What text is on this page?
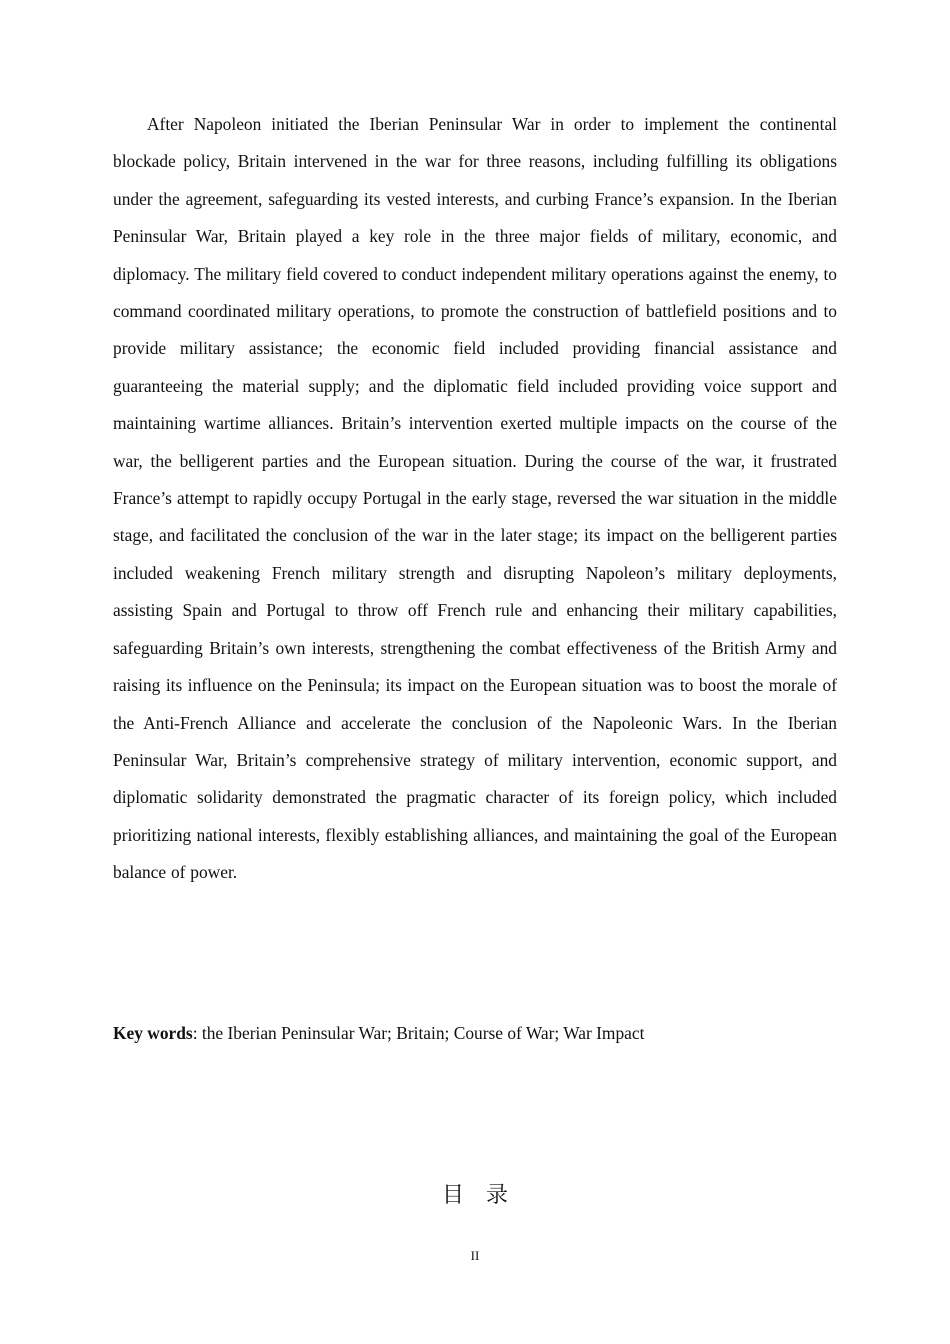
After Napoleon initiated the Iberian Peninsular War in order to implement the continental blockade policy, Britain intervened in the war for three reasons, including fulfilling its obligations under the agreement, safeguarding its vested interests, and curbing France’s expansion. In the Iberian Peninsular War, Britain played a key role in the three major fields of military, economic, and diplomacy. The military field covered to conduct independent military operations against the enemy, to command coordinated military operations, to promote the construction of battlefield positions and to provide military assistance; the economic field included providing financial assistance and guaranteeing the material supply; and the diplomatic field included providing voice support and maintaining wartime alliances. Britain’s intervention exerted multiple impacts on the course of the war, the belligerent parties and the European situation. During the course of the war, it frustrated France’s attempt to rapidly occupy Portugal in the early stage, reversed the war situation in the middle stage, and facilitated the conclusion of the war in the later stage; its impact on the belligerent parties included weakening French military strength and disrupting Napoleon’s military deployments, assisting Spain and Portugal to throw off French rule and enhancing their military capabilities, safeguarding Britain’s own interests, strengthening the combat effectiveness of the British Army and raising its influence on the Peninsula; its impact on the European situation was to boost the morale of the Anti-French Alliance and accelerate the conclusion of the Napoleonic Wars. In the Iberian Peninsular War, Britain’s comprehensive strategy of military intervention, economic support, and diplomatic solidarity demonstrated the pragmatic character of its foreign policy, which included prioritizing national interests, flexibly establishing alliances, and maintaining the goal of the European balance of power.

Key words: the Iberian Peninsular War; Britain; Course of War; War Impact

目　录
II
